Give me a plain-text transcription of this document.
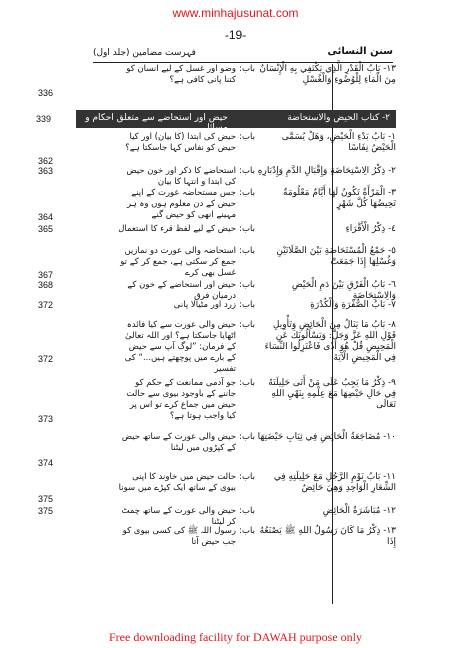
www.minhajusunat.com
-19-
سنن النسائی
فہرست مضامین (جلد اول)
١٣- بَابُ الْقَدْرِ الَّذِي يَكْتَفِي بِهِ الْإِنْسَانُ مِنَ الْمَاءِ لِلْوُضُوءِ وَالْغُسْلِ
باب:
وضو اور غسل کے لیے انسان کو کتنا پانی کافی ہے؟
336
٢- كتاب الحيض والاستحاضة
حیض اور استحاضے سے متعلق احکام و مسائل
339
١- بَابُ بَدْءِ الْحَيْضِ، وَهَلْ يُسَمَّى الْحَيْضُ نِفَاسًا
باب:
حیض کی ابتدا (کا بیان) اور کیا حیض کو نفاس کہا جاسکتا ہے؟
362
٢- ذِكْرُ الِاسْتِحَاضَةِ وَإِقْبَالِ الدَّمِ وَإِدْبَارِهِ
باب:
استحاضے کا ذکر اور خون حیض کی ابتدا و انتہا کا بیان
363
٣- الْمَرْأَةُ تَكُونُ لَهَا أَيَّامٌ مَعْلُومَةٌ تَحِيضُهَا كُلَّ شَهْرٍ
باب:
جس مستحاضہ عورت کے اپنے حیض کے دن معلوم ہوں وہ ہر مہینے انھی کو حیض گنے
364
٤- ذِكْرُ الْأَقْرَاءِ
باب:
حیض کے لیے لفظ قرء کا استعمال
365
٥- جَمْعُ الْمُسْتَحَاضَةِ بَيْنَ الصَّلَاتَيْنِ وَغُسْلِهَا إِذَا جَمَعَتْ
باب:
استحاضہ والی عورت دو نمازیں جمع کر سکتی ہے، جمع کر کے تو غسل بھی کرے
367
٦- بَابُ الْفَرْقِ بَيْنَ دَمِ الْحَيْضِ وَالِاسْتِحَاضَةِ
باب:
حیض اور استحاضے کے خون کے درمیان فرق
368
٧- بَابُ الصُّفْرَةِ وَالْكُدْرَةِ
باب:
زرد اور مٹیالا پانی
372
٨- بَابُ مَا يَنَالُ مِنَ الْحَائِضِ وَتَأْوِيلِ قَوْلِ اللهِ عَزَّ وَجَلَّ: وَيَسْأَلُونَكَ عَنِ الْمَحِيضِ قُلْ هُوَ أَذًى فَاعْتَزِلُوا النِّسَاءَ فِي الْمَحِيضِ الْآيَةَ
باب:
حیض والی عورت سے کیا فائدہ اٹھایا جاسکتا ہے؟ اور اللہ تعالیٰ کے فرمان: ”لوگ آپ سے حیض کے بارے میں پوچھتے ہیں...“ کی تفسیر
372
٩- ذِكْرُ مَا يَجِبُ عَلَى مَنْ أَتَى حَلِيلَتَهُ فِي حَالِ حَيْضِهَا مَعَ عِلْمِهِ بِنَهْيِ اللهِ تَعَالَى
باب:
جو آدمی ممانعت کے حکم کو جاننے کے باوجود بیوی سے حالت حیض میں جماع کرے تو اس پر کیا واجب ہوتا ہے؟
373
١٠- مُضَاجَعَةُ الْحَائِضِ فِي ثِيَابِ حَيْضَتِهَا
باب:
حیض والی عورت کے ساتھ حیض کے کپڑوں میں لیٹنا
374
١١- بَابُ نَوْمِ الرَّجُلِ مَعَ حَلِيلَتِهِ فِي الشِّعَارِ الْوَاحِدِ وَهِيَ حَائِضٌ
باب:
حالت حیض میں خاوند کا اپنی بیوی کے ساتھ ایک کپڑے میں سونا
375
١٢- مُبَاشَرَةُ الْحَائِضِ
باب:
حیض والی عورت کے ساتھ چمٹ کر لیٹنا
375
١٣- ذِكْرُ مَا كَانَ رَسُولُ اللهِ ﷺ يَصْنَعُهُ إِذَا
باب:
رسول اللہ ﷺ کی کسی بیوی کو جب حیض آتا
Free downloading facility for DAWAH purpose only
